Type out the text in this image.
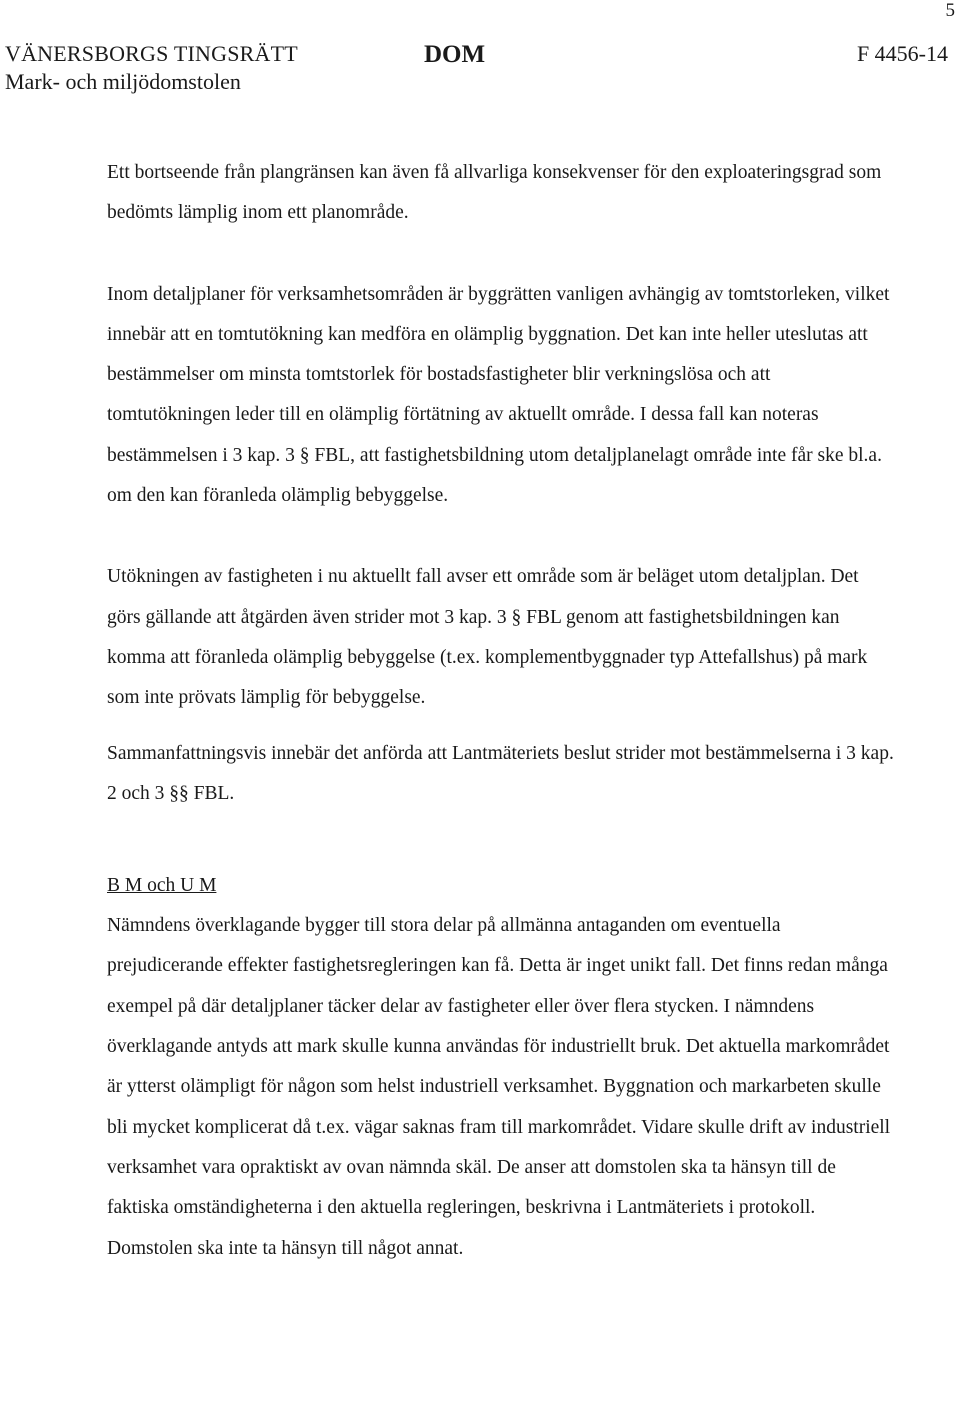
5
VÄNERSBORGS TINGSRÄTT
Mark- och miljödomstolen
DOM	F 4456-14

Ett bortseende från plangränsen kan även få allvarliga konsekvenser för den exploateringsgrad som bedömts lämplig inom ett planområde.

Inom detaljplaner för verksamhetsområden är byggrätten vanligen avhängig av tomtstorleken, vilket innebär att en tomtutökning kan medföra en olämplig byggnation. Det kan inte heller uteslutas att bestämmelser om minsta tomtstorlek för bostadsfastigheter blir verkningslösa och att tomtutökningen leder till en olämplig förtätning av aktuellt område. I dessa fall kan noteras bestämmelsen i 3 kap. 3 § FBL, att fastighetsbildning utom detaljplanelagt område inte får ske bl.a. om den kan föranleda olämplig bebyggelse.

Utökningen av fastigheten i nu aktuellt fall avser ett område som är beläget utom detaljplan. Det görs gällande att åtgärden även strider mot 3 kap. 3 § FBL genom att fastighetsbildningen kan komma att föranleda olämplig bebyggelse (t.ex. komplementbyggnader typ Attefallshus) på mark som inte prövats lämplig för bebyggelse.

Sammanfattningsvis innebär det anförda att Lantmäteriets beslut strider mot bestämmelserna i 3 kap. 2 och 3 §§ FBL.

B M och U M

Nämndens överklagande bygger till stora delar på allmänna antaganden om eventuella prejudicerande effekter fastighetsregleringen kan få. Detta är inget unikt fall. Det finns redan många exempel på där detaljplaner täcker delar av fastigheter eller över flera stycken. I nämndens överklagande antyds att mark skulle kunna användas för industriellt bruk. Det aktuella markområdet är ytterst olämpligt för någon som helst industriell verksamhet. Byggnation och markarbeten skulle bli mycket komplicerat då t.ex. vägar saknas fram till markområdet. Vidare skulle drift av industriell verksamhet vara opraktiskt av ovan nämnda skäl. De anser att domstolen ska ta hänsyn till de faktiska omständigheterna i den aktuella regleringen, beskrivna i Lantmäteriets i protokoll. Domstolen ska inte ta hänsyn till något annat.
